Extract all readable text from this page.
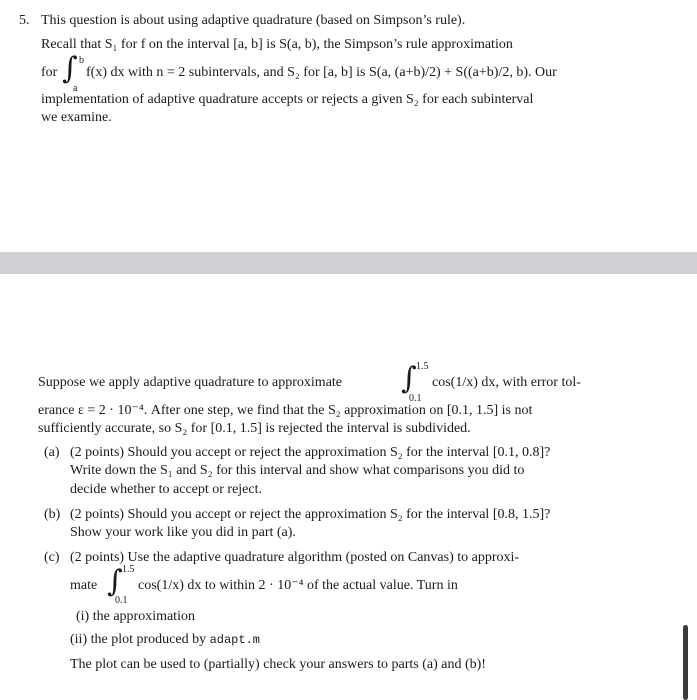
5. This question is about using adaptive quadrature (based on Simpson’s rule).
Recall that S₁ for f on the interval [a, b] is S(a, b), the Simpson’s rule approximation
for ∫ b
a
f(x) dx with n = 2 subintervals, and S₂ for [a, b] is S(a, (a+b)/2) + S((a+b)/2, b). Our
implementation of adaptive quadrature accepts or rejects a given S₂ for each subinterval
we examine.
Suppose we apply adaptive quadrature to approximate ∫ 1.5
0.1
cos(1/x) dx, with error tol-
erance ε = 2 · 10⁻⁴. After one step, we find that the S₂ approximation on [0.1, 1.5] is not
sufficiently accurate, so S₂ for [0.1, 1.5] is rejected the interval is subdivided.
(a) (2 points) Should you accept or reject the approximation S₂ for the interval [0.1, 0.8]?
Write down the S₁ and S₂ for this interval and show what comparisons you did to
decide whether to accept or reject.
(b) (2 points) Should you accept or reject the approximation S₂ for the interval [0.8, 1.5]?
Show your work like you did in part (a).
(c) (2 points) Use the adaptive quadrature algorithm (posted on Canvas) to approxi-
mate ∫ 1.5
0.1
cos(1/x) dx to within 2 · 10⁻⁴ of the actual value. Turn in
(i) the approximation
(ii) the plot produced by adapt.m
The plot can be used to (partially) check your answers to parts (a) and (b)!
